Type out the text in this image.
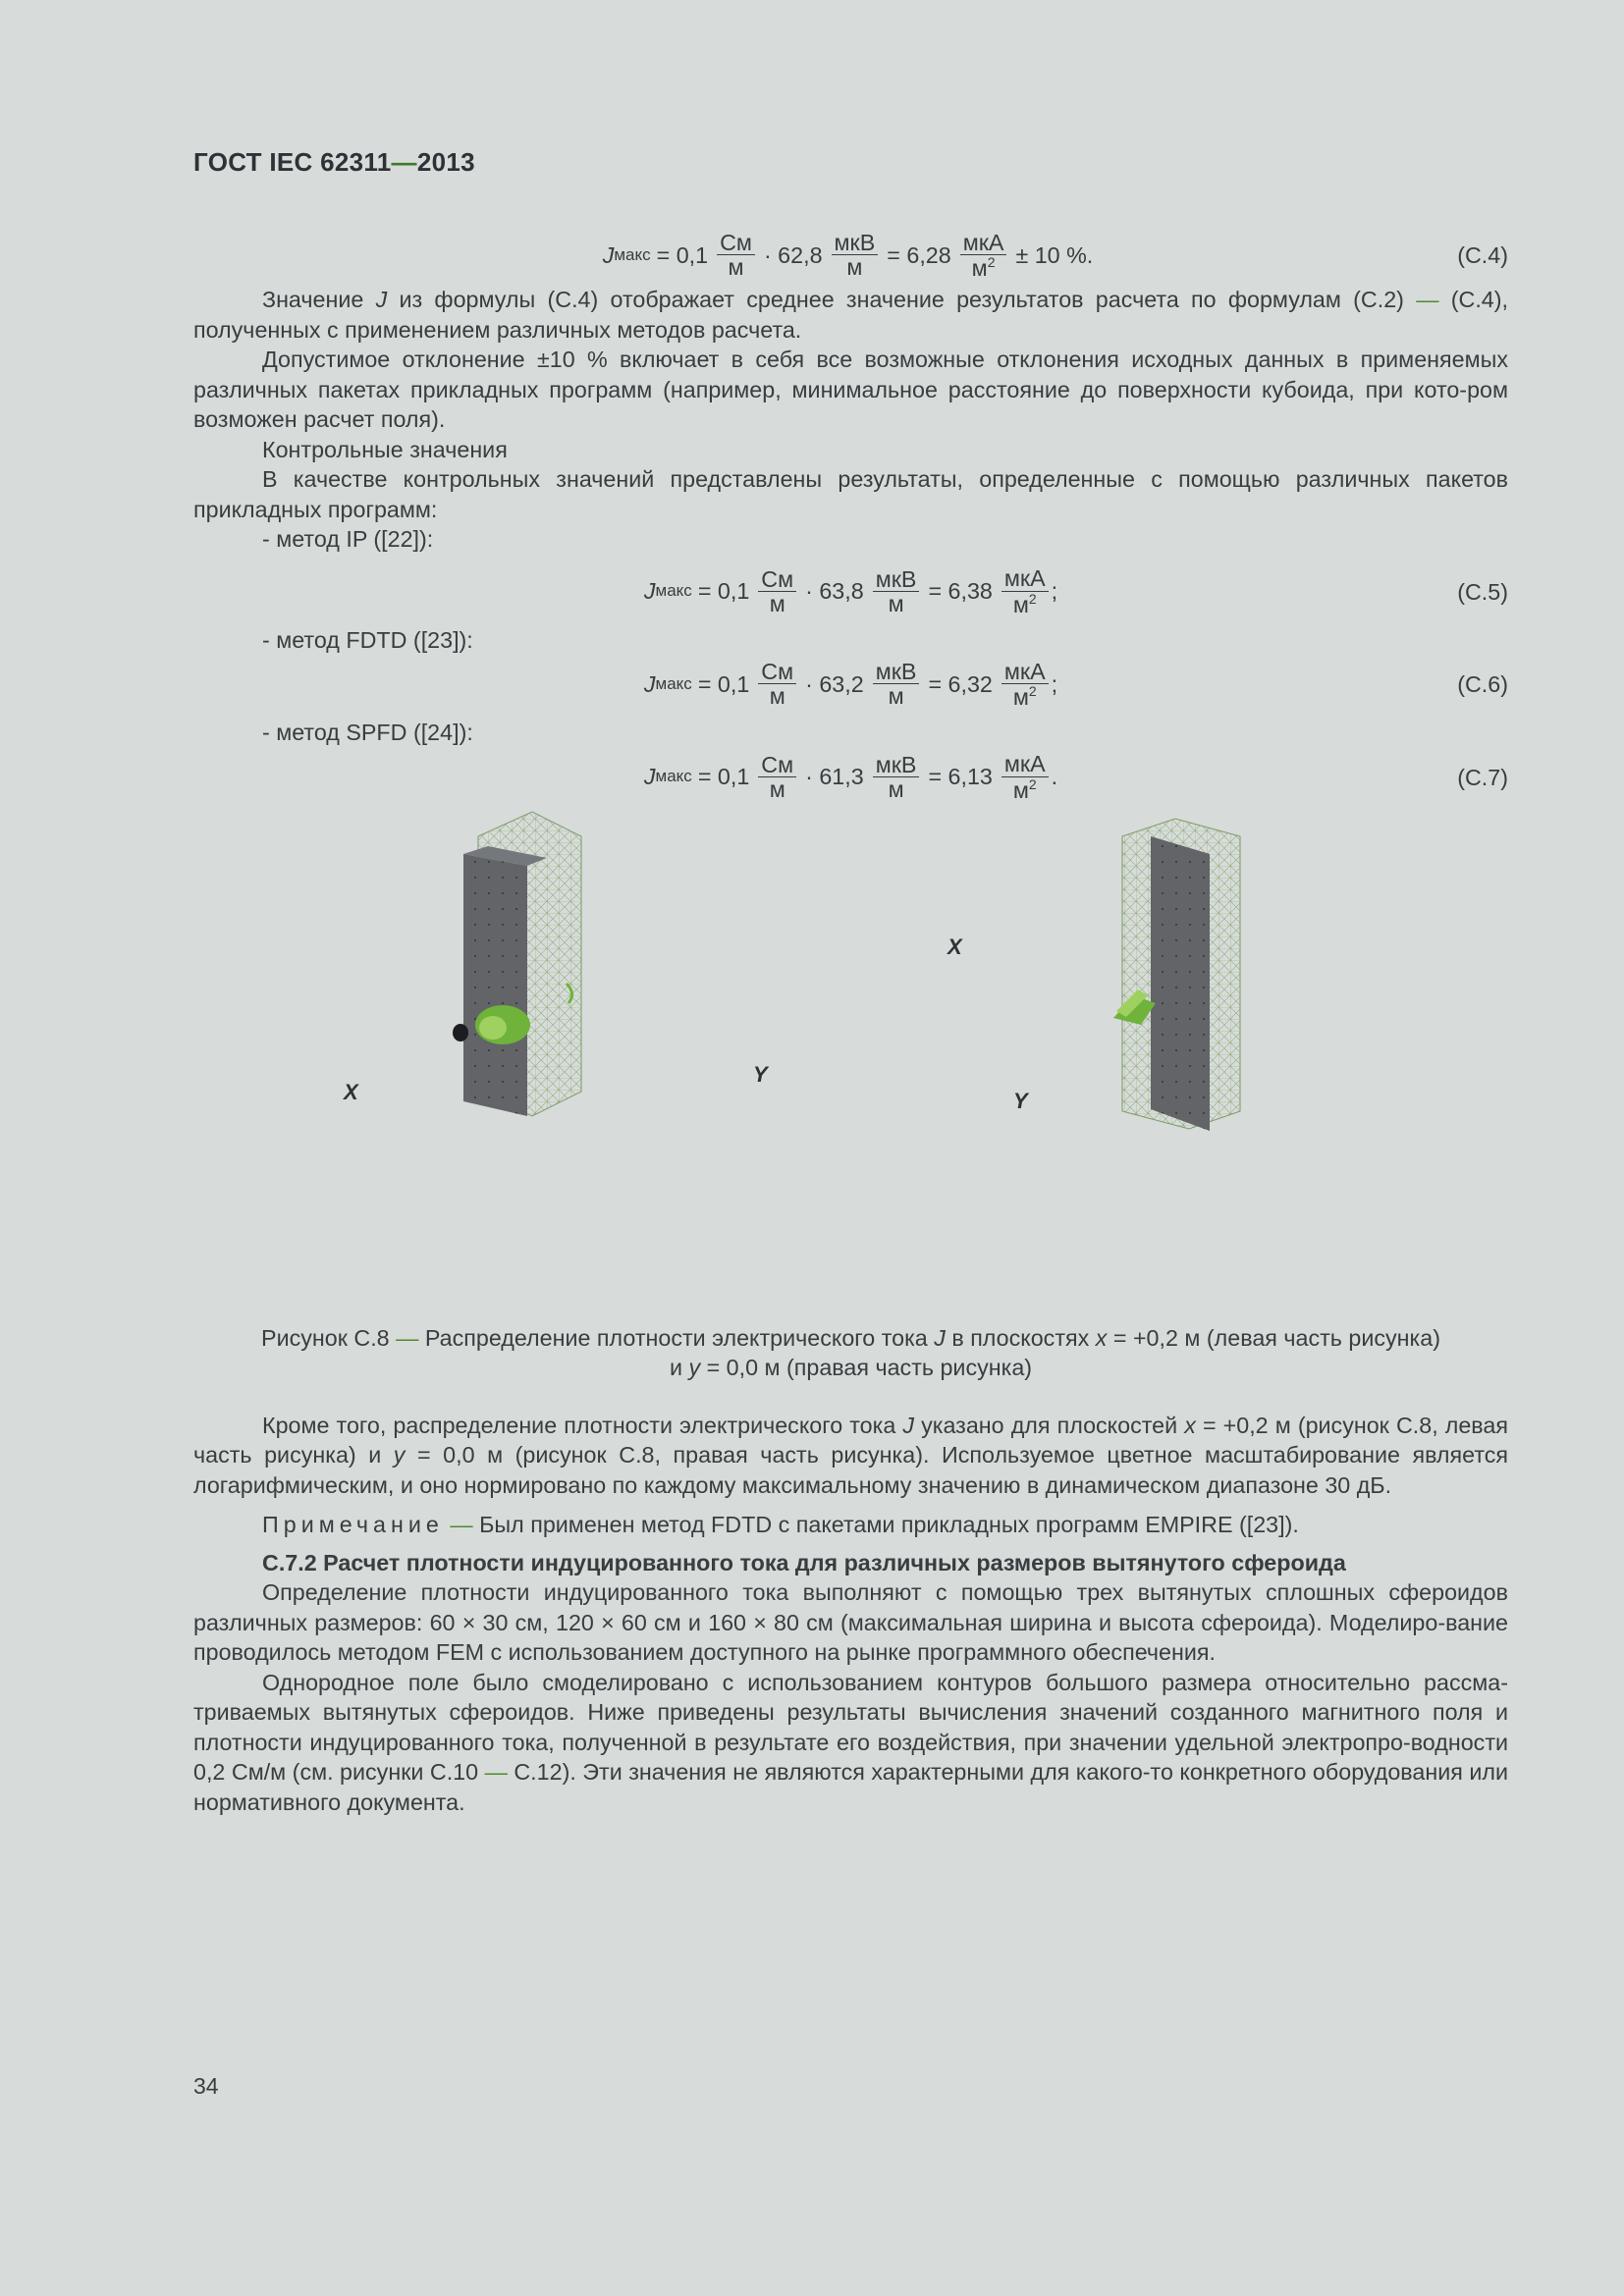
ГОСТ IEC 62311—2013
J макс = $0,1 \frac{См}{м} \cdot 62,8 \frac{\text{мкВ}}{м} = 6,28 \frac{\text{мкА}}{м^2} \pm 10$ %.	(C.4)

Значение J из формулы (С.4) отображает среднее значение результатов расчета по формулам (С.2) — (С.4), полученных с применением различных методов расчета.

Допустимое отклонение ±10 % включает в себя все возможные отклонения исходных данных в применяемых различных пакетах прикладных программ (например, минимальное расстояние до поверхности кубоида, при кото-ром возможен расчет поля).

Контрольные значения

В качестве контрольных значений представлены результаты, определенные с помощью различных пакетов прикладных программ:

- метод IP ([22]):

J макс = $0,1 \frac{См}{м} \cdot 63,8 \frac{\text{мкВ}}{м} = 6,38 \frac{\text{мкА}}{м^2}$ ;	(C.5)

- метод FDTD ([23]):

J макс = $0,1 \frac{См}{м} \cdot 63,2 \frac{\text{мкВ}}{м} = 6,32 \frac{\text{мкА}}{м^2}$ ;	(C.6)

- метод SPFD ([24]):

J макс = $0,1 \frac{См}{м} \cdot 61,3 \frac{\text{мкВ}}{м} = 6,13 \frac{\text{мкА}}{м^2}$ .	(C.7)
X
Y
X
Y
Рисунок С.8 — Распределение плотности электрического тока J в плоскостях x = +0,2 м (левая часть рисунка)
и y = 0,0 м (правая часть рисунка)

Кроме того, распределение плотности электрического тока J указано для плоскостей x = +0,2 м (рисунок С.8, левая часть рисунка) и y = 0,0 м (рисунок С.8, правая часть рисунка). Используемое цветное масштабирование является логарифмическим, и оно нормировано по каждому максимальному значению в динамическом диапазоне 30 дБ.

Примечание — Был применен метод FDTD с пакетами прикладных программ EMPIRE ([23]).

С.7.2 Расчет плотности индуцированного тока для различных размеров вытянутого сфероида

Определение плотности индуцированного тока выполняют с помощью трех вытянутых сплошных сфероидов различных размеров: 60 × 30 см, 120 × 60 см и 160 × 80 см (максимальная ширина и высота сфероида). Моделиро-вание проводилось методом FEM с использованием доступного на рынке программного обеспечения.

Однородное поле было смоделировано с использованием контуров большого размера относительно рассма-триваемых вытянутых сфероидов. Ниже приведены результаты вычисления значений созданного магнитного поля и плотности индуцированного тока, полученной в результате его воздействия, при значении удельной электропро-водности 0,2 См/м (см. рисунки С.10 — С.12). Эти значения не являются характерными для какого-то конкретного оборудования или нормативного документа.

34
